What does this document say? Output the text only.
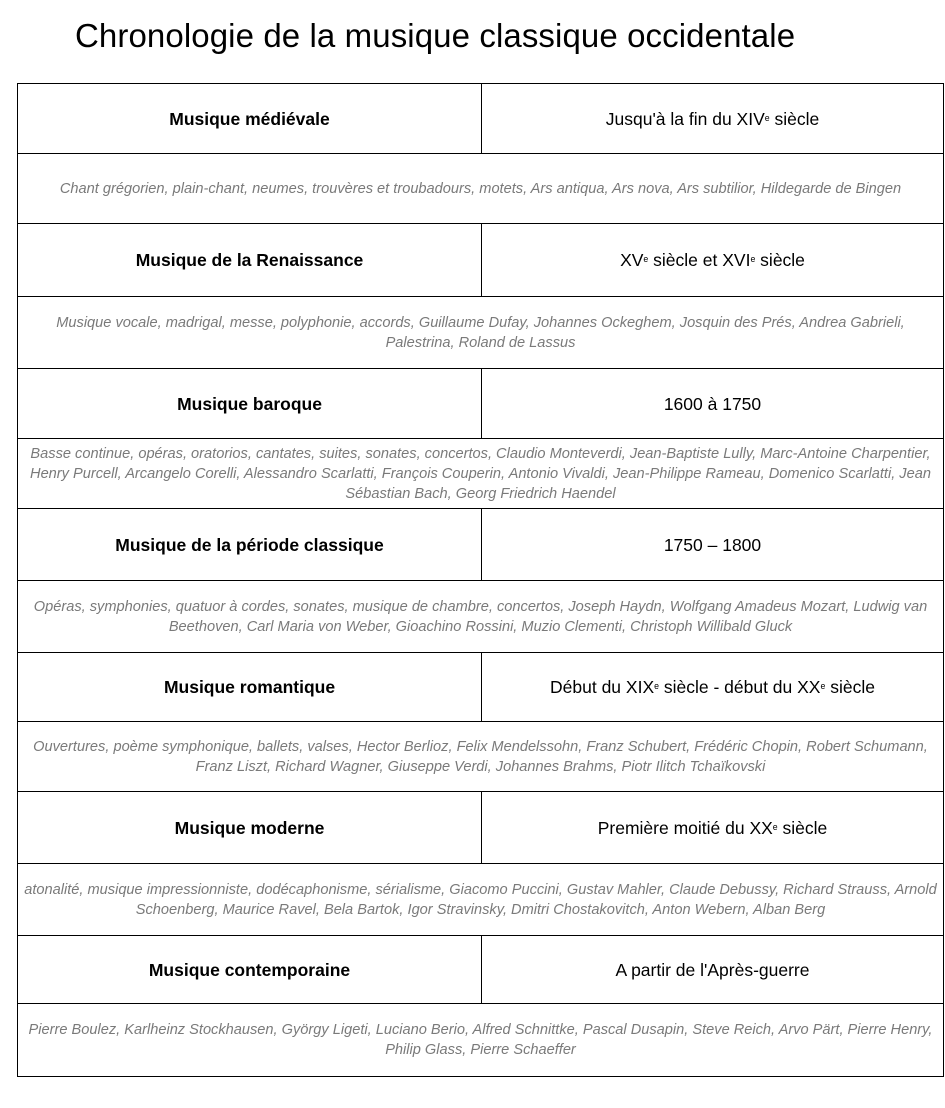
Chronologie de la musique classique occidentale
Musique médiévale	Jusqu'à la fin du XIVe siècle
Chant grégorien, plain-chant, neumes, trouvères et troubadours, motets, Ars antiqua, Ars nova, Ars subtilior, Hildegarde de Bingen	
Musique de la Renaissance	XVe siècle et XVIe siècle
Musique vocale, madrigal, messe, polyphonie, accords, Guillaume Dufay, Johannes Ockeghem, Josquin des Prés, Andrea Gabrieli, Palestrina, Roland de Lassus	
Musique baroque	1600 à 1750
Basse continue, opéras, oratorios, cantates, suites, sonates, concertos, Claudio Monteverdi, Jean-Baptiste Lully, Marc-Antoine Charpentier, Henry Purcell, Arcangelo Corelli, Alessandro Scarlatti, François Couperin, Antonio Vivaldi, Jean-Philippe Rameau, Domenico Scarlatti, Jean Sébastian Bach, Georg Friedrich Haendel	
Musique de la période classique	1750 – 1800
Opéras, symphonies, quatuor à cordes, sonates, musique de chambre, concertos, Joseph Haydn, Wolfgang Amadeus Mozart, Ludwig van Beethoven, Carl Maria von Weber, Gioachino Rossini, Muzio Clementi, Christoph Willibald Gluck	
Musique romantique	Début du XIXe siècle - début du XXe siècle
Ouvertures, poème symphonique, ballets, valses, Hector Berlioz, Felix Mendelssohn, Franz Schubert, Frédéric Chopin, Robert Schumann, Franz Liszt, Richard Wagner, Giuseppe Verdi, Johannes Brahms, Piotr Ilitch Tchaïkovski	
Musique moderne	Première moitié du XXe siècle
atonalité, musique impressionniste, dodécaphonisme, sérialisme, Giacomo Puccini, Gustav Mahler, Claude Debussy, Richard Strauss, Arnold Schoenberg, Maurice Ravel, Bela Bartok, Igor Stravinsky, Dmitri Chostakovitch, Anton Webern, Alban Berg	
Musique contemporaine	A partir de l'Après-guerre
Pierre Boulez, Karlheinz Stockhausen, György Ligeti, Luciano Berio, Alfred Schnittke, Pascal Dusapin, Steve Reich, Arvo Pärt, Pierre Henry, Philip Glass, Pierre Schaeffer	
